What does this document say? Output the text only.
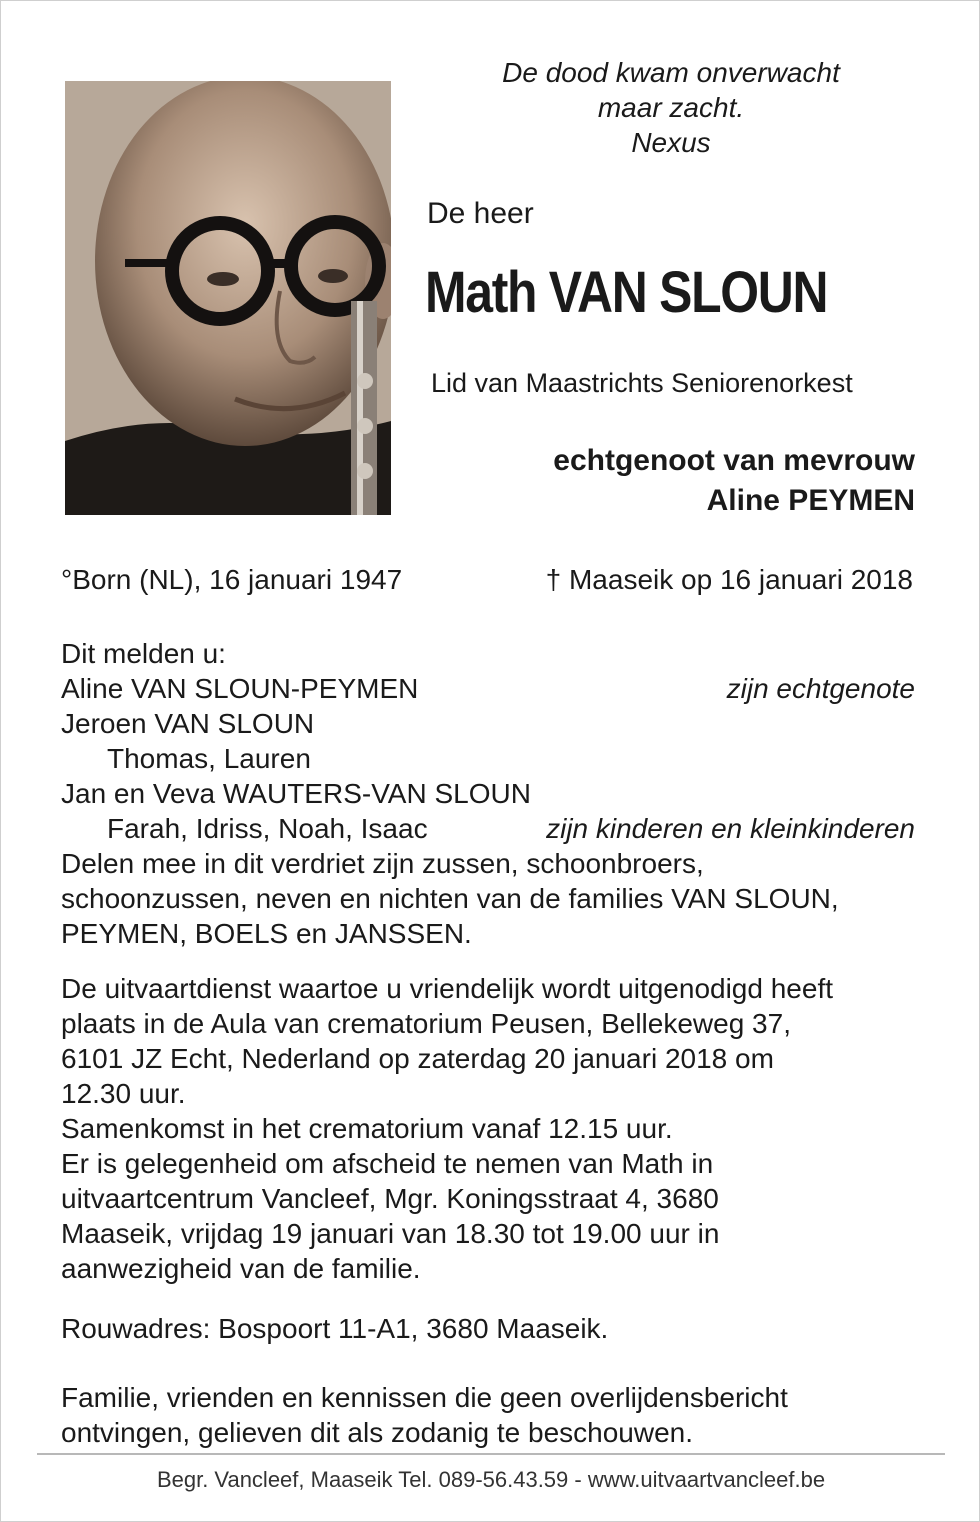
De dood kwam onverwacht
maar zacht.
Nexus
De heer
Math VAN SLOUN
Lid van Maastrichts Seniorenorkest
echtgenoot van mevrouw
Aline PEYMEN
°Born (NL), 16 januari 1947	† Maaseik op 16 januari 2018
Dit melden u:
Aline VAN SLOUN-PEYMEN	zijn echtgenote
Jeroen VAN SLOUN
Thomas, Lauren
Jan en Veva WAUTERS-VAN SLOUN
Farah, Idriss, Noah, Isaac	zijn kinderen en kleinkinderen
Delen mee in dit verdriet zijn zussen, schoonbroers,
schoonzussen, neven en nichten van de families VAN SLOUN,
PEYMEN, BOELS en JANSSEN.
De uitvaartdienst waartoe u vriendelijk wordt uitgenodigd heeft
plaats in de Aula van crematorium Peusen, Bellekeweg 37,
6101 JZ Echt, Nederland op zaterdag 20 januari 2018 om
12.30 uur.
Samenkomst in het crematorium vanaf 12.15 uur.
Er is gelegenheid om afscheid te nemen van Math in
uitvaartcentrum Vancleef, Mgr. Koningsstraat 4, 3680
Maaseik, vrijdag 19 januari van 18.30 tot 19.00 uur in
aanwezigheid van de familie.
Rouwadres: Bospoort 11-A1, 3680 Maaseik.
Familie, vrienden en kennissen die geen overlijdensbericht
ontvingen, gelieven dit als zodanig te beschouwen.
Begr. Vancleef, Maaseik Tel. 089-56.43.59 - www.uitvaartvancleef.be
